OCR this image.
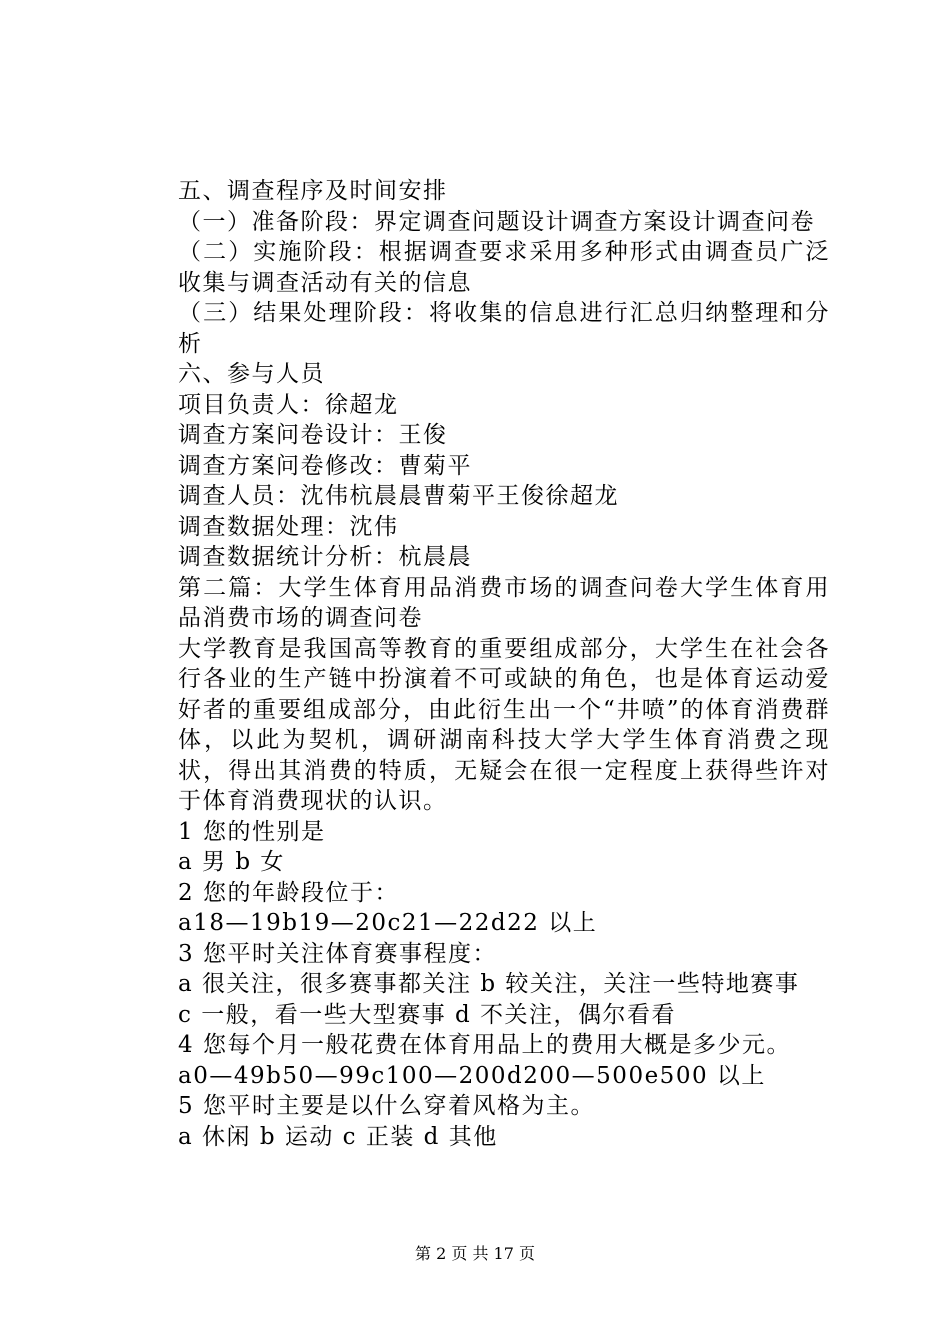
五、调查程序及时间安排

（一）准备阶段：界定调查问题设计调查方案设计调查问卷

（二）实施阶段：根据调查要求采用多种形式由调查员广泛收集与调查活动有关的信息

（三）结果处理阶段：将收集的信息进行汇总归纳整理和分析

六、参与人员

项目负责人：徐超龙

调查方案问卷设计：王俊

调查方案问卷修改：曹菊平

调查人员：沈伟杭晨晨曹菊平王俊徐超龙

调查数据处理：沈伟

调查数据统计分析：杭晨晨

第二篇：大学生体育用品消费市场的调查问卷大学生体育用品消费市场的调查问卷

大学教育是我国高等教育的重要组成部分，大学生在社会各行各业的生产链中扮演着不可或缺的角色，也是体育运动爱好者的重要组成部分，由此衍生出一个“井喷”的体育消费群体，以此为契机，调研湖南科技大学大学生体育消费之现状，得出其消费的特质，无疑会在很一定程度上获得些许对于体育消费现状的认识。

1 您的性别是

a 男 b 女

2 您的年龄段位于：

a18—19b19—20c21—22d22 以上

3 您平时关注体育赛事程度：

a 很关注，很多赛事都关注 b 较关注，关注一些特地赛事

c 一般，看一些大型赛事 d 不关注，偶尔看看

4 您每个月一般花费在体育用品上的费用大概是多少元。

a0—49b50—99c100—200d200—500e500 以上

5 您平时主要是以什么穿着风格为主。

a 休闲 b 运动 c 正装 d 其他

第 2 页 共 17 页
